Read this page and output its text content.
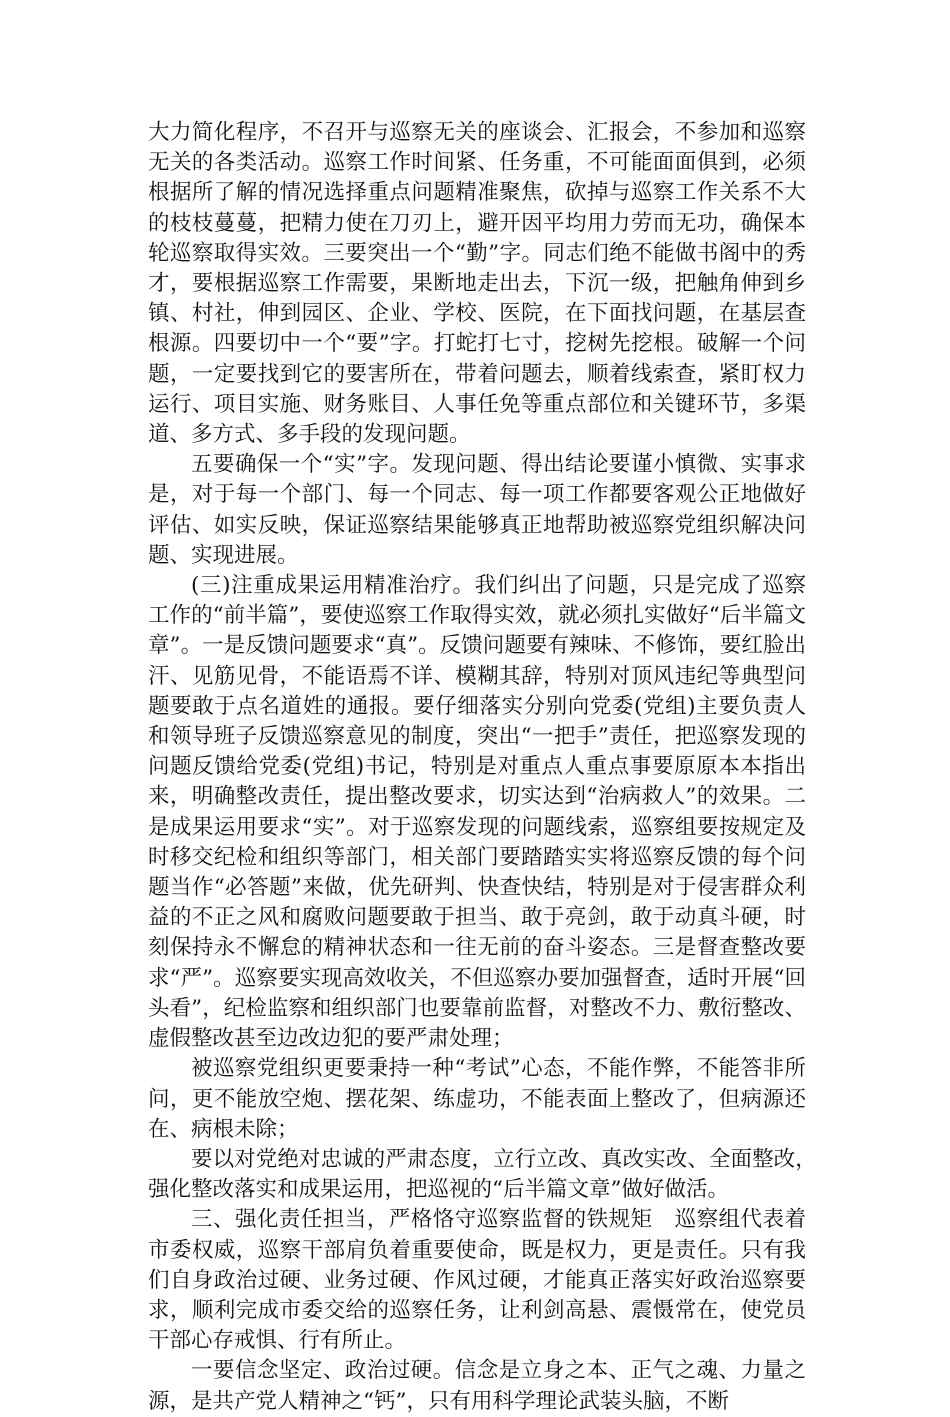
大力简化程序，不召开与巡察无关的座谈会、汇报会，不参加和巡察无关的各类活动。巡察工作时间紧、任务重，不可能面面俱到，必须根据所了解的情况选择重点问题精准聚焦，砍掉与巡察工作关系不大的枝枝蔓蔓，把精力使在刀刃上，避开因平均用力劳而无功，确保本轮巡察取得实效。三要突出一个“勤”字。同志们绝不能做书阁中的秀才，要根据巡察工作需要，果断地走出去，下沉一级，把触角伸到乡镇、村社，伸到园区、企业、学校、医院，在下面找问题，在基层查根源。四要切中一个“要”字。打蛇打七寸，挖树先挖根。破解一个问题，一定要找到它的要害所在，带着问题去，顺着线索查，紧盯权力运行、项目实施、财务账目、人事任免等重点部位和关键环节，多渠道、多方式、多手段的发现问题。

五要确保一个“实”字。发现问题、得出结论要谨小慎微、实事求是，对于每一个部门、每一个同志、每一项工作都要客观公正地做好评估、如实反映，保证巡察结果能够真正地帮助被巡察党组织解决问题、实现进展。

(三)注重成果运用精准治疗。我们纠出了问题，只是完成了巡察工作的“前半篇”，要使巡察工作取得实效，就必须扎实做好“后半篇文章”。一是反馈问题要求“真”。反馈问题要有辣味、不修饰，要红脸出汗、见筋见骨，不能语焉不详、模糊其辞，特别对顶风违纪等典型问题要敢于点名道姓的通报。要仔细落实分别向党委(党组)主要负责人和领导班子反馈巡察意见的制度，突出“一把手”责任，把巡察发现的问题反馈给党委(党组)书记，特别是对重点人重点事要原原本本指出来，明确整改责任，提出整改要求，切实达到“治病救人”的效果。二是成果运用要求“实”。对于巡察发现的问题线索，巡察组要按规定及时移交纪检和组织等部门，相关部门要踏踏实实将巡察反馈的每个问题当作“必答题”来做，优先研判、快查快结，特别是对于侵害群众利益的不正之风和腐败问题要敢于担当、敢于亮剑，敢于动真斗硬，时刻保持永不懈怠的精神状态和一往无前的奋斗姿态。三是督查整改要求“严”。巡察要实现高效收关，不但巡察办要加强督查，适时开展“回头看”，纪检监察和组织部门也要靠前监督，对整改不力、敷衍整改、虚假整改甚至边改边犯的要严肃处理；

被巡察党组织更要秉持一种“考试”心态，不能作弊，不能答非所问，更不能放空炮、摆花架、练虚功，不能表面上整改了，但病源还在、病根未除；

要以对党绝对忠诚的严肃态度，立行立改、真改实改、全面整改，　强化整改落实和成果运用，把巡视的“后半篇文章”做好做活。

三、强化责任担当，严格恪守巡察监督的铁规矩　巡察组代表着市委权威，巡察干部肩负着重要使命，既是权力，更是责任。只有我们自身政治过硬、业务过硬、作风过硬，才能真正落实好政治巡察要求，顺利完成市委交给的巡察任务，让利剑高悬、震慑常在，使党员干部心存戒惧、行有所止。

一要信念坚定、政治过硬。信念是立身之本、正气之魂、力量之源，是共产党人精神之“钙”，只有用科学理论武装头脑，不断
